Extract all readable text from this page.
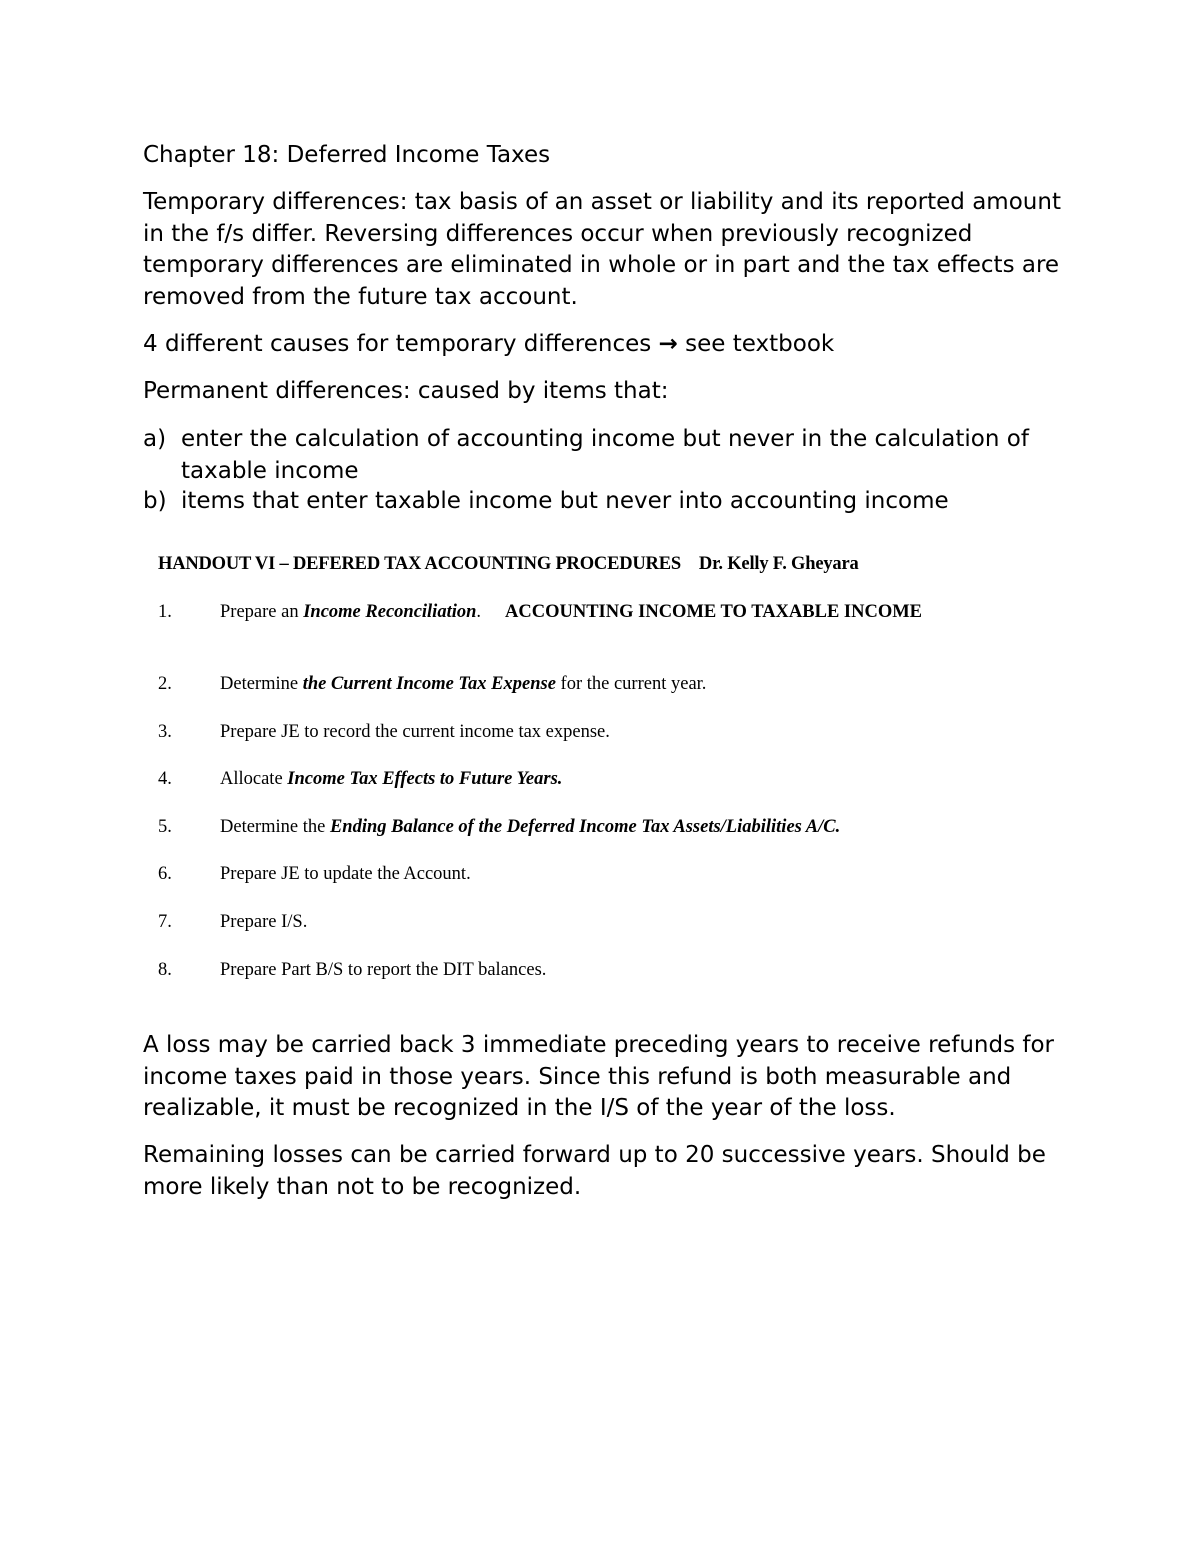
Chapter 18: Deferred Income Taxes

Temporary differences: tax basis of an asset or liability and its reported amount in the f/s differ. Reversing differences occur when previously recognized temporary differences are eliminated in whole or in part and the tax effects are removed from the future tax account.

4 different causes for temporary differences → see textbook

Permanent differences: caused by items that:

a) enter the calculation of accounting income but never in the calculation of taxable income
b) items that enter taxable income but never into accounting income
HANDOUT VI – DEFERED TAX ACCOUNTING PROCEDURES Dr. Kelly F. Gheyara
1.	Prepare an Income Reconciliation. ACCOUNTING INCOME TO TAXABLE INCOME
2.	Determine the Current Income Tax Expense for the current year.
3.	Prepare JE to record the current income tax expense.
4.	Allocate Income Tax Effects to Future Years.
5.	Determine the Ending Balance of the Deferred Income Tax Assets/Liabilities A/C.
6.	Prepare JE to update the Account.
7.	Prepare I/S.
8.	Prepare Part B/S to report the DIT balances.

A loss may be carried back 3 immediate preceding years to receive refunds for income taxes paid in those years. Since this refund is both measurable and realizable, it must be recognized in the I/S of the year of the loss.

Remaining losses can be carried forward up to 20 successive years. Should be more likely than not to be recognized.
